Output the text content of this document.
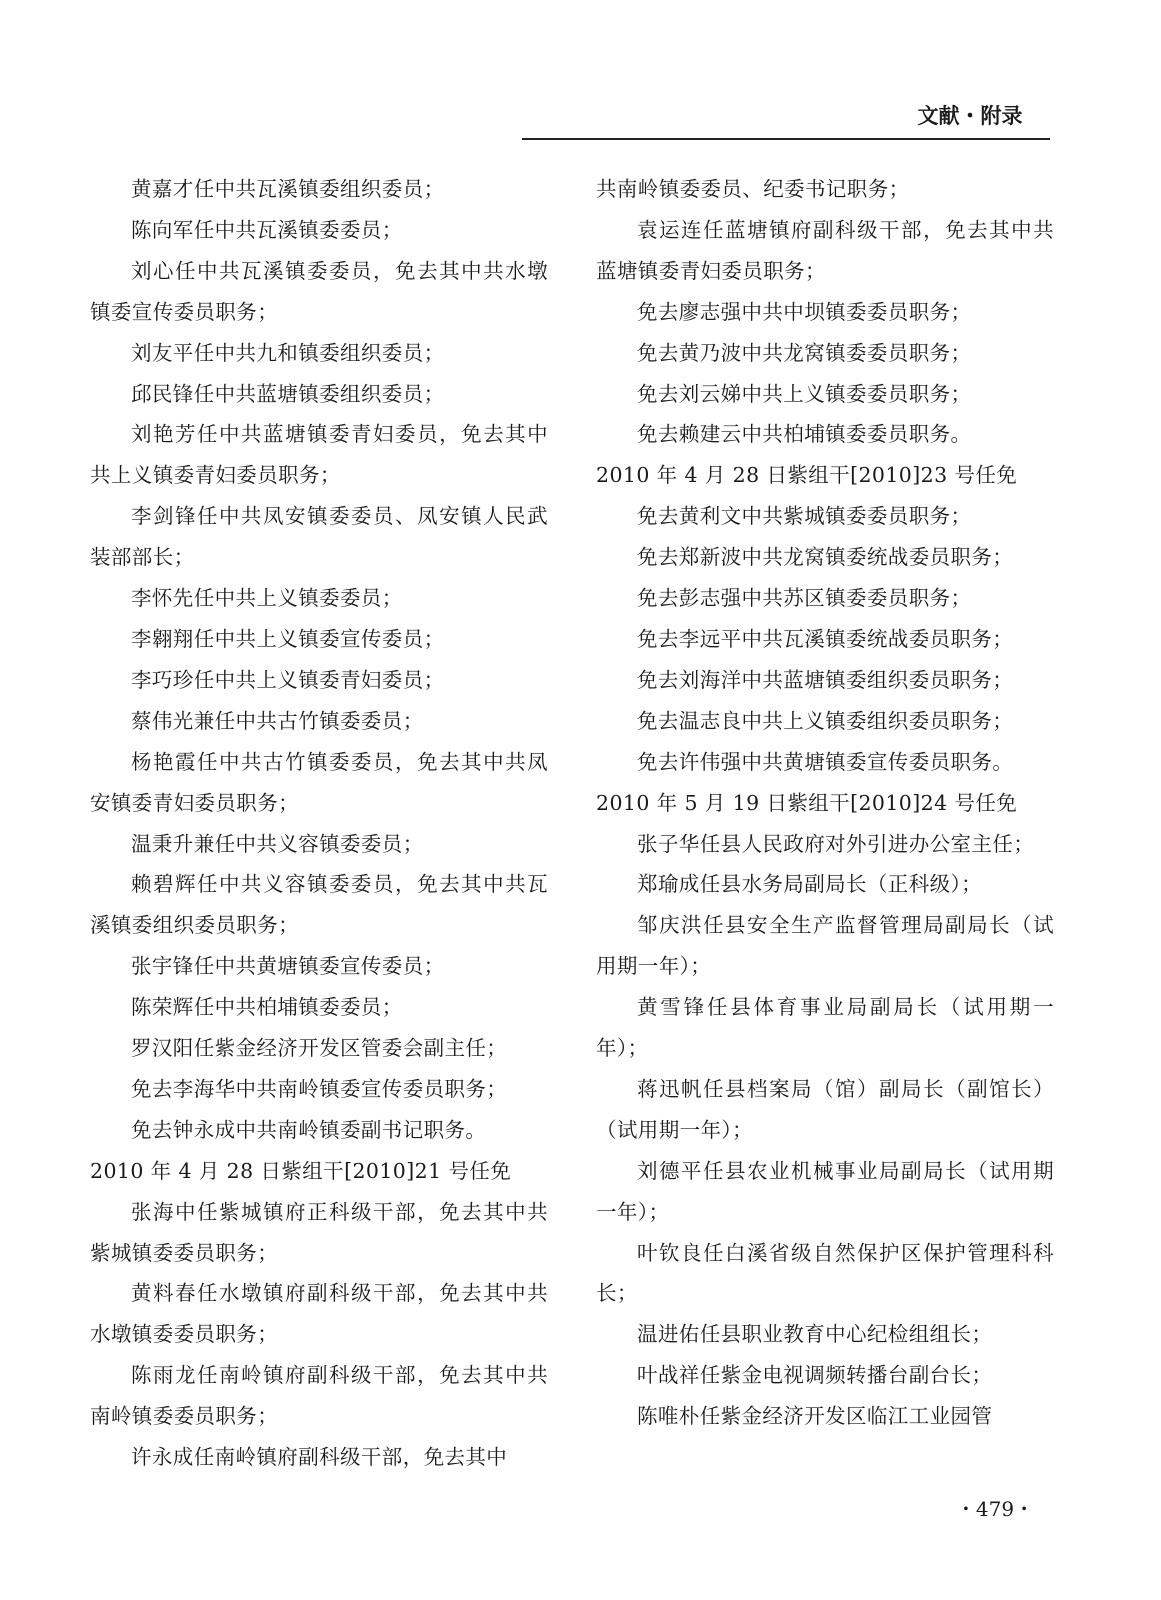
文献・附录

黄嘉才任中共瓦溪镇委组织委员；

陈向军任中共瓦溪镇委委员；

刘心任中共瓦溪镇委委员，免去其中共水墩镇委宣传委员职务；

刘友平任中共九和镇委组织委员；

邱民锋任中共蓝塘镇委组织委员；

刘艳芳任中共蓝塘镇委青妇委员，免去其中共上义镇委青妇委员职务；

李剑锋任中共凤安镇委委员、凤安镇人民武装部部长；

李怀先任中共上义镇委委员；

李翱翔任中共上义镇委宣传委员；

李巧珍任中共上义镇委青妇委员；

蔡伟光兼任中共古竹镇委委员；

杨艳霞任中共古竹镇委委员，免去其中共凤安镇委青妇委员职务；

温秉升兼任中共义容镇委委员；

赖碧辉任中共义容镇委委员，免去其中共瓦溪镇委组织委员职务；

张宇锋任中共黄塘镇委宣传委员；

陈荣辉任中共柏埔镇委委员；

罗汉阳任紫金经济开发区管委会副主任；

免去李海华中共南岭镇委宣传委员职务；

免去钟永成中共南岭镇委副书记职务。

2010 年 4 月 28 日紫组干[2010]21 号任免

张海中任紫城镇府正科级干部，免去其中共紫城镇委委员职务；

黄料春任水墩镇府副科级干部，免去其中共水墩镇委委员职务；

陈雨龙任南岭镇府副科级干部，免去其中共南岭镇委委员职务；

许永成任南岭镇府副科级干部，免去其中

共南岭镇委委员、纪委书记职务；

袁运连任蓝塘镇府副科级干部，免去其中共蓝塘镇委青妇委员职务；

免去廖志强中共中坝镇委委员职务；

免去黄乃波中共龙窝镇委委员职务；

免去刘云娣中共上义镇委委员职务；

免去赖建云中共柏埔镇委委员职务。

2010 年 4 月 28 日紫组干[2010]23 号任免

免去黄利文中共紫城镇委委员职务；

免去郑新波中共龙窝镇委统战委员职务；

免去彭志强中共苏区镇委委员职务；

免去李远平中共瓦溪镇委统战委员职务；

免去刘海洋中共蓝塘镇委组织委员职务；

免去温志良中共上义镇委组织委员职务；

免去许伟强中共黄塘镇委宣传委员职务。

2010 年 5 月 19 日紫组干[2010]24 号任免

张子华任县人民政府对外引进办公室主任；

郑瑜成任县水务局副局长（正科级）；

邹庆洪任县安全生产监督管理局副局长（试用期一年）；

黄雪锋任县体育事业局副局长（试用期一年）；

蒋迅帆任县档案局（馆）副局长（副馆长）（试用期一年）；

刘德平任县农业机械事业局副局长（试用期一年）；

叶钦良任白溪省级自然保护区保护管理科科长；

温进佑任县职业教育中心纪检组组长；

叶战祥任紫金电视调频转播台副台长；

陈唯朴任紫金经济开发区临江工业园管

・479・
